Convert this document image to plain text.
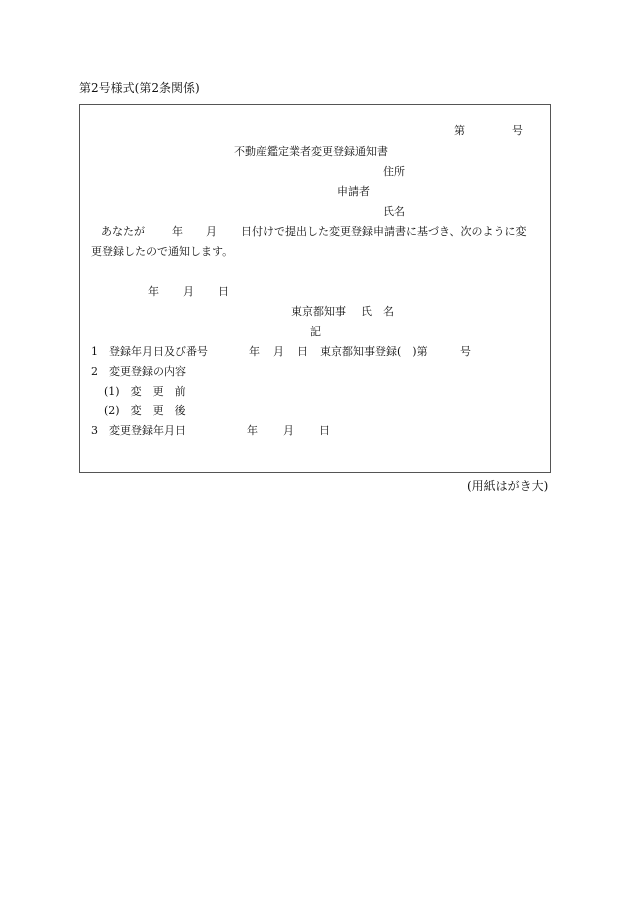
第2号様式(第2条関係)
第	号
不動産鑑定業者変更登録通知書
住所
申請者
氏名
あなたが 年 月 日付けで提出した変更登録申請書に基づき、次のように変
更登録したので通知します。
年 月 日
東京都知事 氏　名
記
1　登録年月日及び番号	年 月 日 東京都知事登録(　)第	号
2　変更登録の内容
(1)　変　更　前
(2)　変　更　後
3　変更登録年月日	年 月 日
(用紙はがき大)
